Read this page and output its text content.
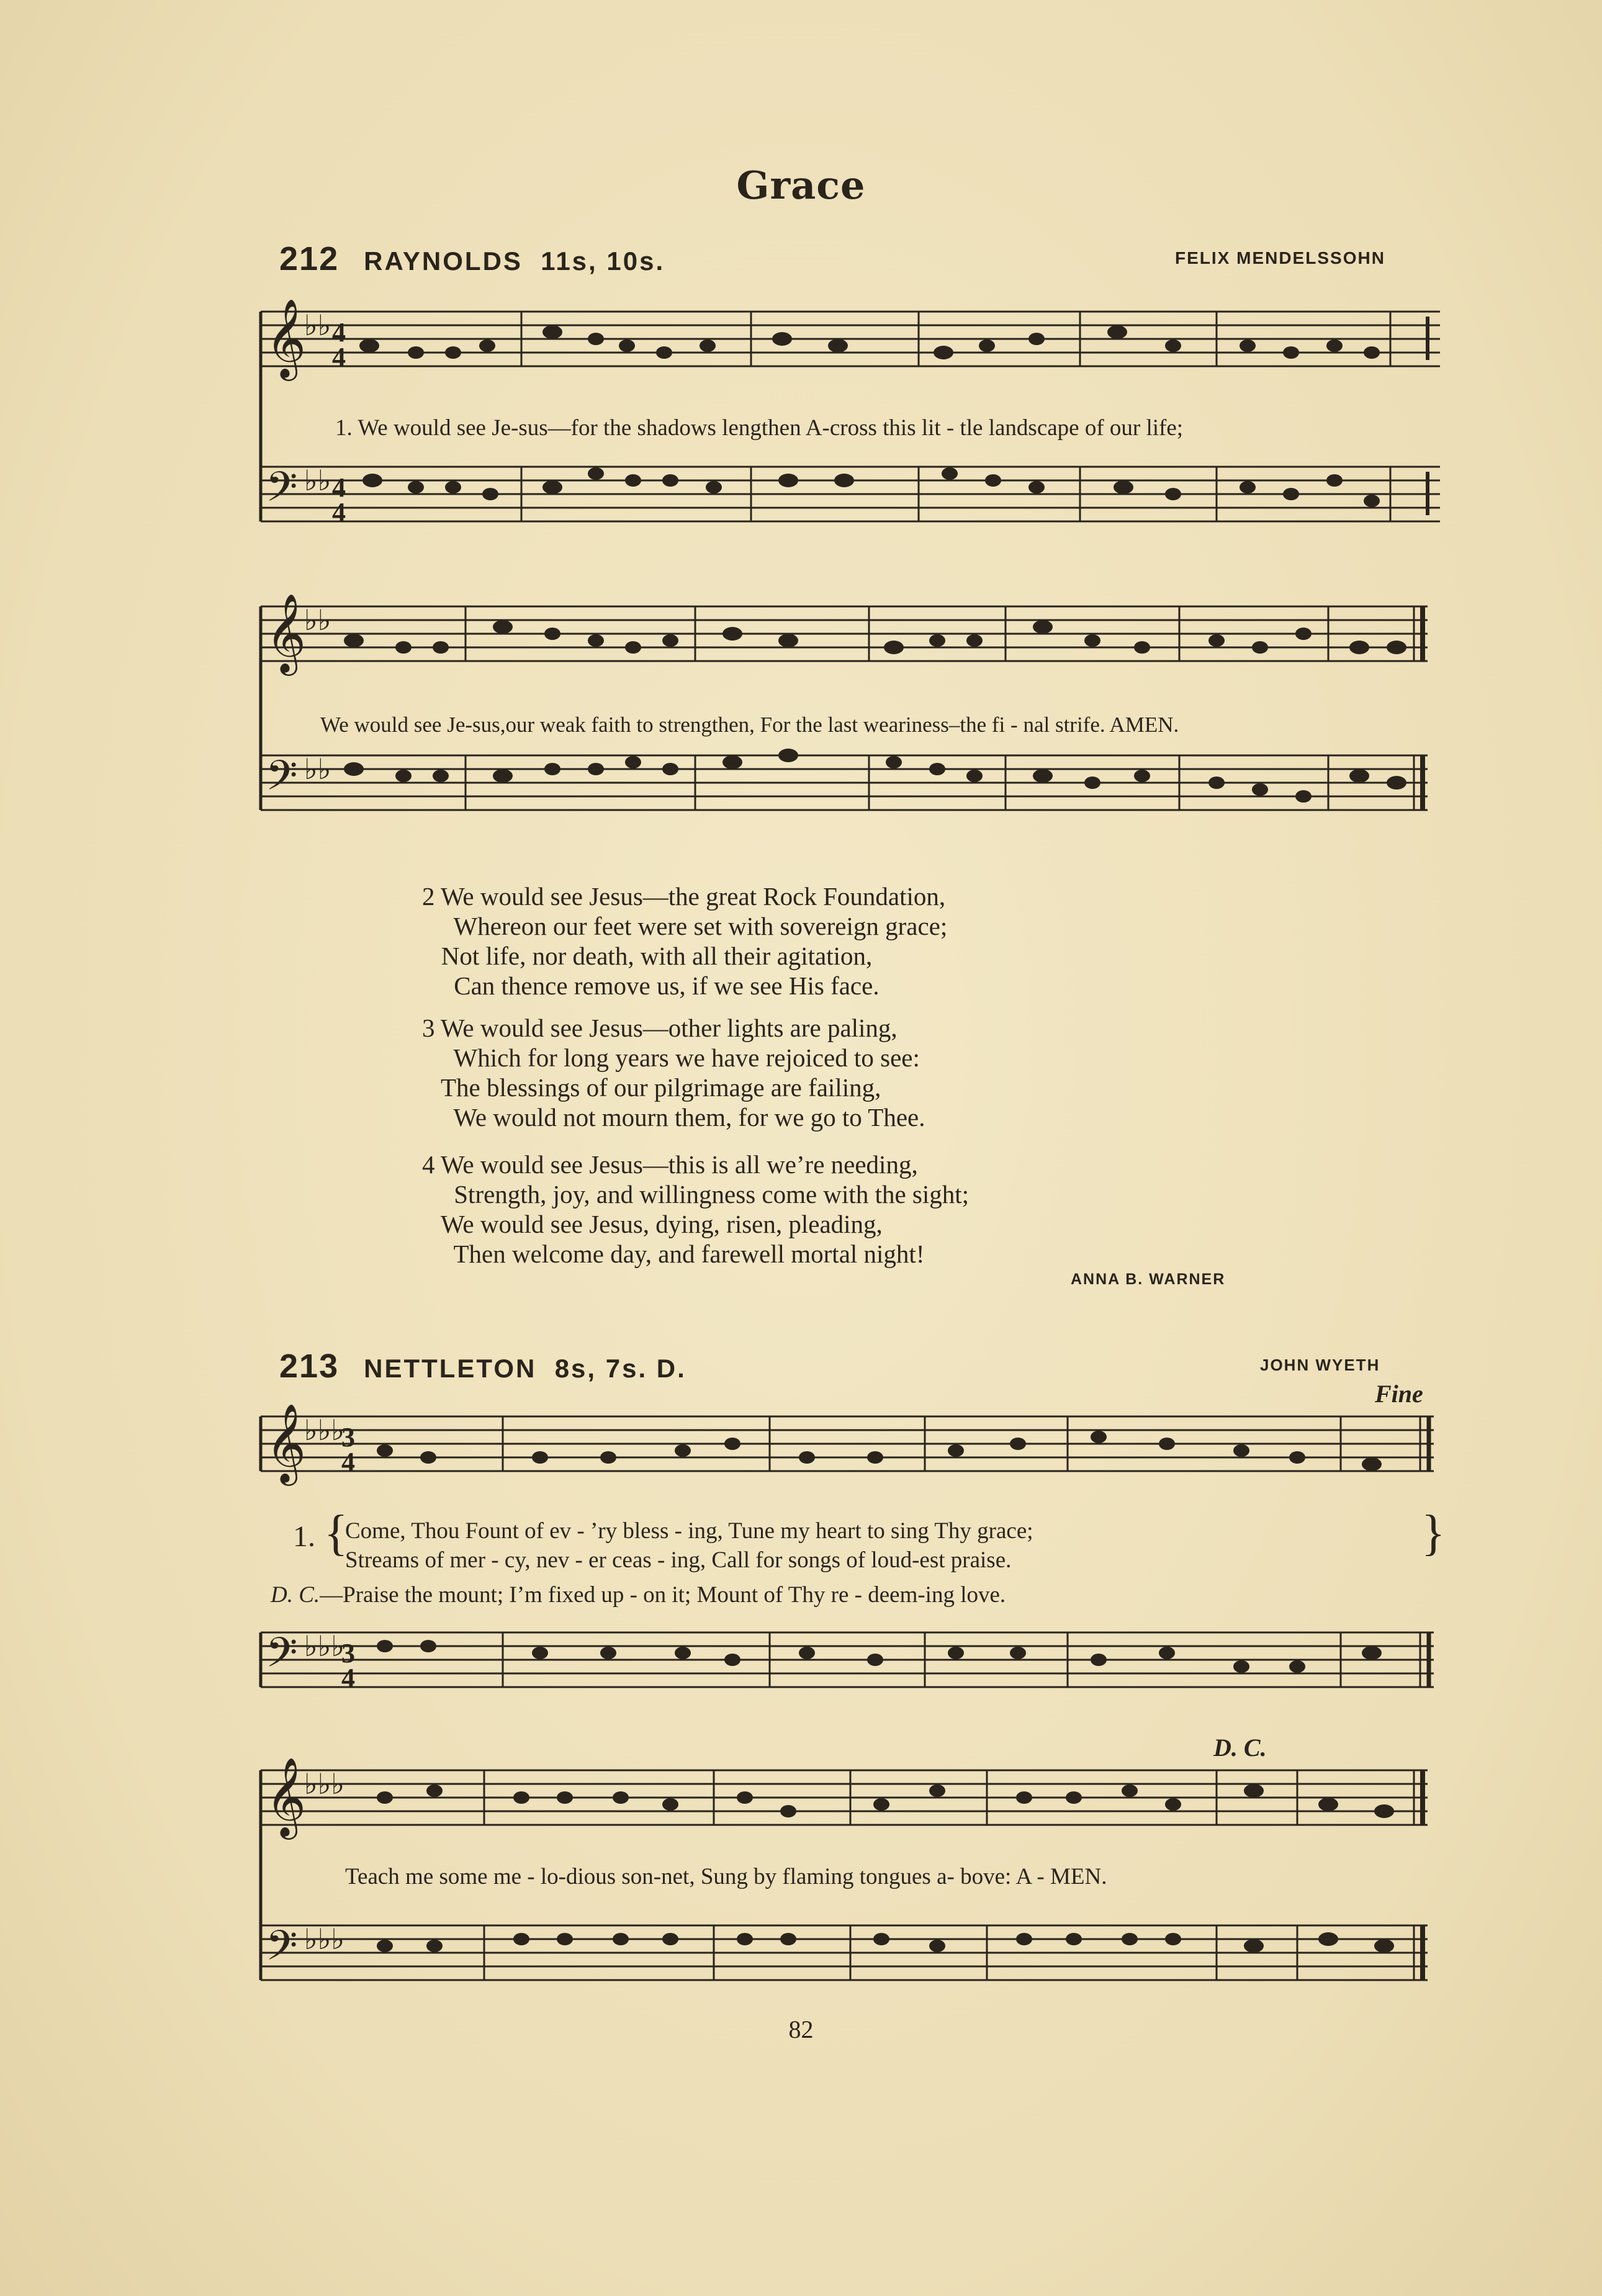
Grace
212 RAYNOLDS 11s, 10s.	FELIX MENDELSSOHN
𝄞
𝄢
♭♭
♭♭
4
4
4
4
1. We would see Je-sus—for the shadows lengthen A-cross this lit - tle landscape of our life;
𝄞
𝄢
♭♭
♭♭
We would see Je-sus,our weak faith to strengthen, For the last weariness–the fi - nal strife. AMEN.
2 We would see Jesus—the great Rock Foundation,
Whereon our feet were set with sovereign grace;
Not life, nor death, with all their agitation,
Can thence remove us, if we see His face.
3 We would see Jesus—other lights are paling,
Which for long years we have rejoiced to see:
The blessings of our pilgrimage are failing,
We would not mourn them, for we go to Thee.
4 We would see Jesus—this is all we’re needing,
Strength, joy, and willingness come with the sight;
We would see Jesus, dying, risen, pleading,
Then welcome day, and farewell mortal night!
ANNA B. WARNER
213 NETTLETON 8s, 7s. D.	JOHN WYETH
Fine
𝄞
♭♭♭
3
4
1. {
Come, Thou Fount of ev - ’ry bless - ing, Tune my heart to sing Thy grace;
Streams of mer - cy, nev - er ceas - ing, Call for songs of loud-est praise.	}
D. C.—Praise the mount; I’m fixed up - on it; Mount of Thy re - deem-ing love.
𝄢 ♭♭♭
3
4
D. C.
𝄞
𝄢
♭♭♭
♭♭♭
Teach me some me - lo-dious son-net, Sung by flaming tongues a- bove: A - MEN.
82
